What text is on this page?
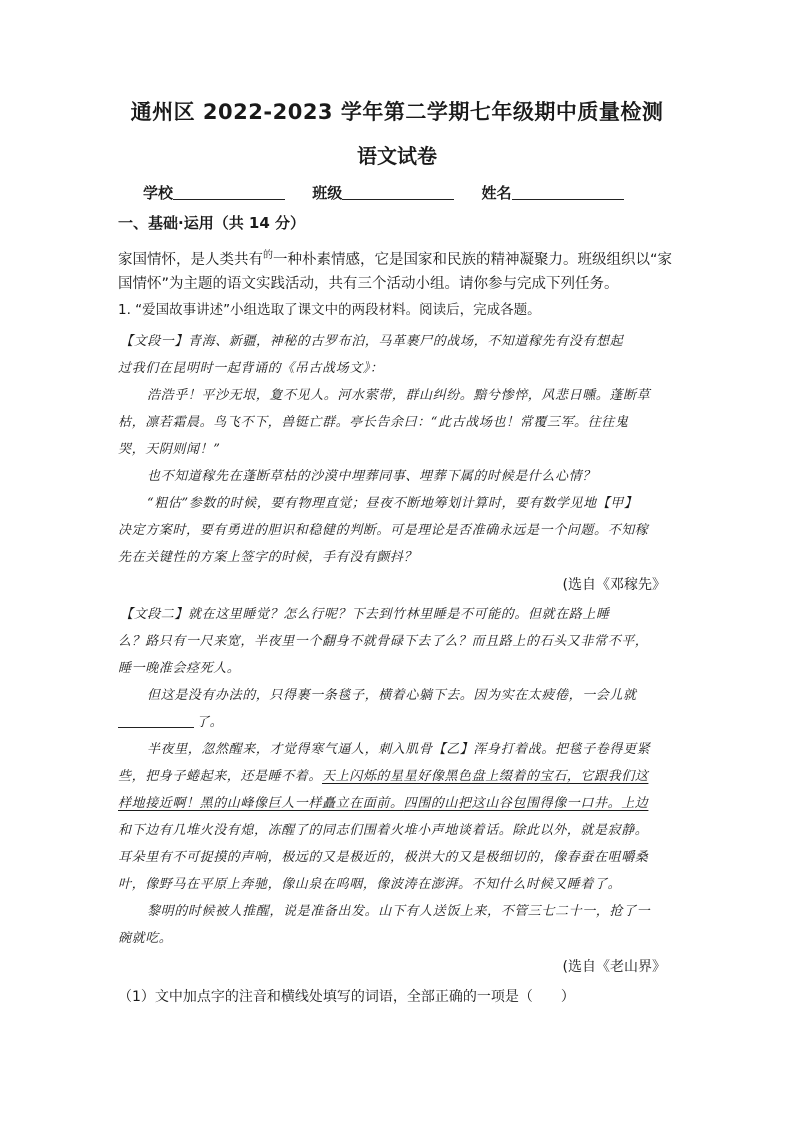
通州区 2022-2023 学年第二学期七年级期中质量检测
语文试卷
学校	班级	姓名
一、基础·运用（共 14 分）
家国情怀，是人类共有$^的$一种朴素情感，它是国家和民族的精神凝聚力。班级组织以“家
国情怀”为主题的语文实践活动，共有三个活动小组。请你参与完成下列任务。
1. “爱国故事讲述”小组选取了课文中的两段材料。阅读后，完成各题。
【文段一】青海、新疆，神秘的古罗布泊，马革裹尸的战场，不知道稼先有没有想起
过我们在昆明时一起背诵的《吊古战场文》：
浩浩乎！平沙无垠，夐不见人。河水萦带，群山纠纷。黯兮惨悴，风悲日曛。蓬断草
枯，凛若霜晨。鸟飞不下，兽铤亡群。亭长告余曰：“此古战场也！常覆三军。往往鬼
哭，天阴则闻！”
也不知道稼先在蓬断草枯的沙漠中埋葬同事、埋葬下属的时候是什么心情？
“粗估”参数的时候，要有物理直觉；昼夜不断地筹划计算时，要有数学见地【甲】
决定方案时，要有勇进的胆识和稳健的判断。可是理论是否准确永远是一个问题。不知稼
先在关键性的方案上签字的时候，手有没有颤抖？
(选自《邓稼先》
【文段二】就在这里睡觉？怎么行呢？下去到竹林里睡是不可能的。但就在路上睡
么？路只有一尺来宽，半夜里一个翻身不就骨碌下去了么？而且路上的石头又非常不平，
睡一晚准会痉死人。
但这是没有办法的，只得裹一条毯子，横着心躺下去。因为实在太疲倦，一会儿就
了。
半夜里，忽然醒来，才觉得寒气逼人，刺入肌骨【乙】浑身打着战。把毯子卷得更紧
些，把身子蜷起来，还是睡不着。天上闪烁的星星好像黑色盘上缀着的宝石，它跟我们这
样地接近啊！黑的山峰像巨人一样矗立在面前。四围的山把这山谷包围得像一口井。上边
和下边有几堆火没有熄，冻醒了的同志们围着火堆小声地谈着话。除此以外，就是寂静。
耳朵里有不可捉摸的声响，极远的又是极近的，极洪大的又是极细切的，像春蚕在咀嚼桑
叶，像野马在平原上奔驰，像山泉在呜咽，像波涛在澎湃。不知什么时候又睡着了。
黎明的时候被人推醒，说是准备出发。山下有人送饭上来，不管三七二十一，抢了一
碗就吃。
(选自《老山界》
（1）文中加点字的注音和横线处填写的词语，全部正确的一项是（　　）
